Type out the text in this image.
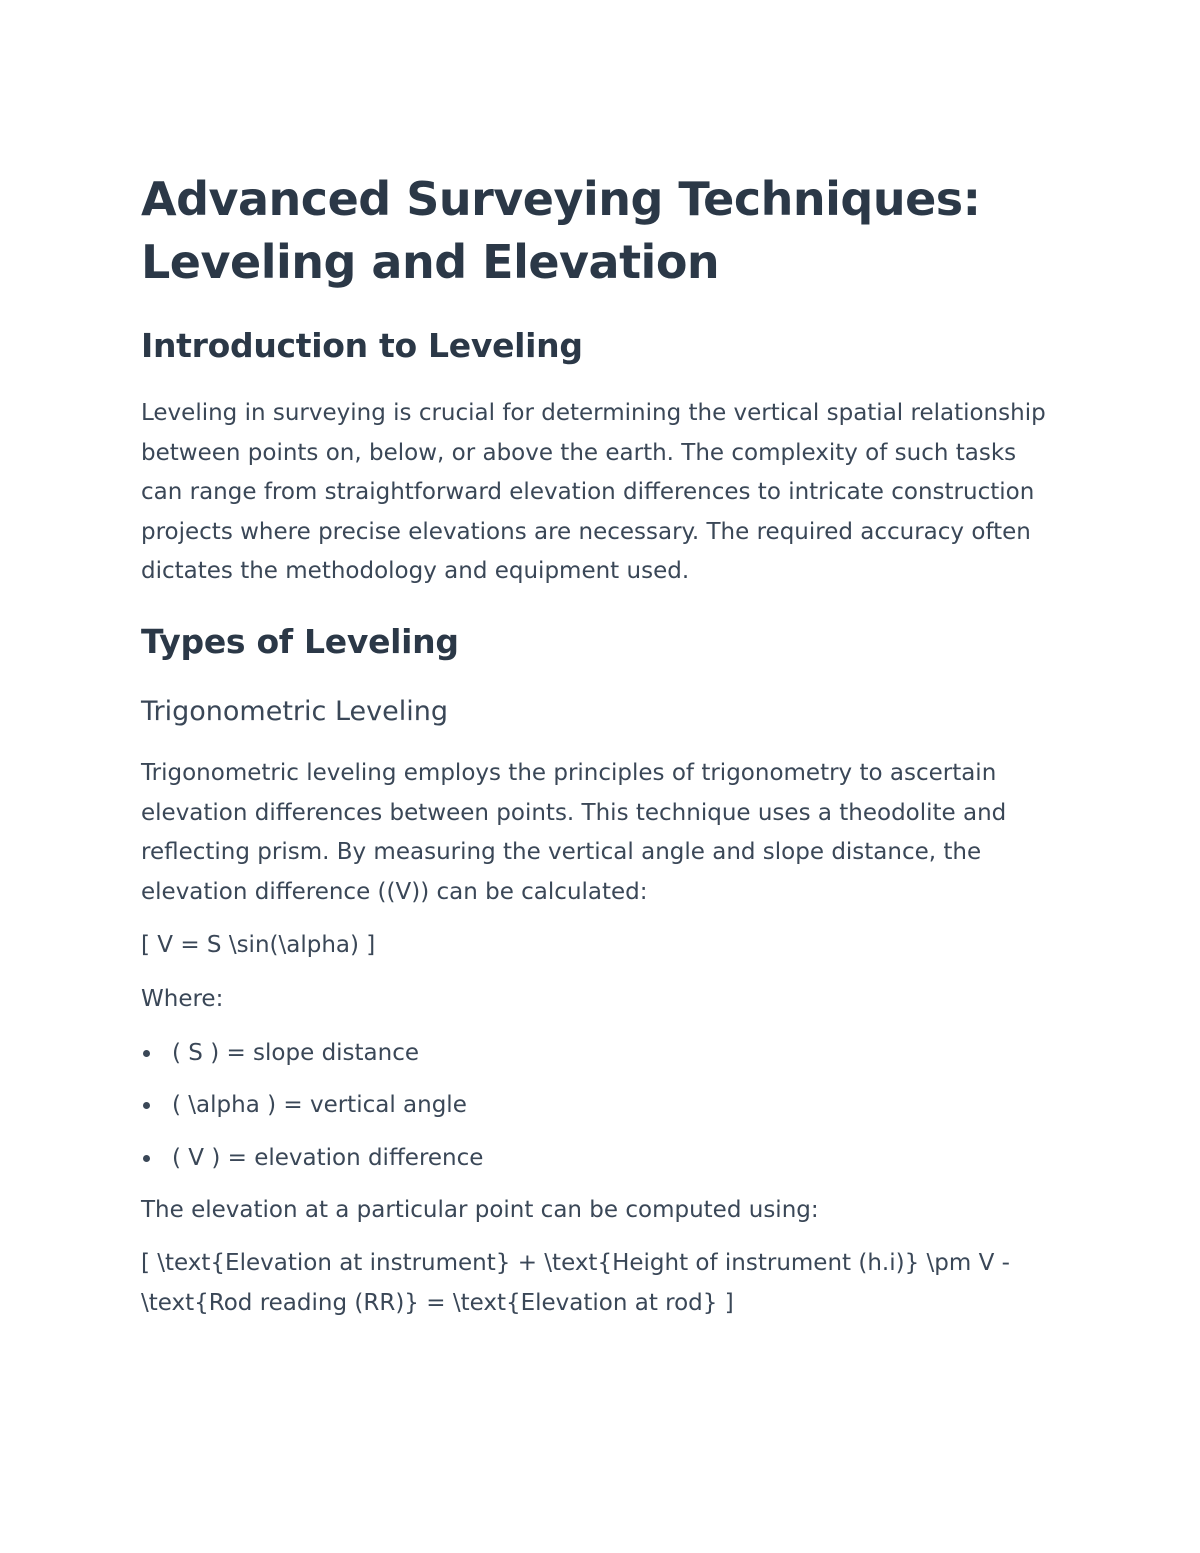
Advanced Surveying Techniques: Leveling and Elevation
Introduction to Leveling

Leveling in surveying is crucial for determining the vertical spatial relationship between points on, below, or above the earth. The complexity of such tasks can range from straightforward elevation differences to intricate construction projects where precise elevations are necessary. The required accuracy often dictates the methodology and equipment used.

Types of Leveling
Trigonometric Leveling

Trigonometric leveling employs the principles of trigonometry to ascertain elevation differences between points. This technique uses a theodolite and reflecting prism. By measuring the vertical angle and slope distance, the elevation difference ((V)) can be calculated:

[ V = S \sin(\alpha) ]

Where:

( S ) = slope distance
( \alpha ) = vertical angle
( V ) = elevation difference

The elevation at a particular point can be computed using:

[ \text{Elevation at instrument} + \text{Height of instrument (h.i)} \pm V - \text{Rod reading (RR)} = \text{Elevation at rod} ]
